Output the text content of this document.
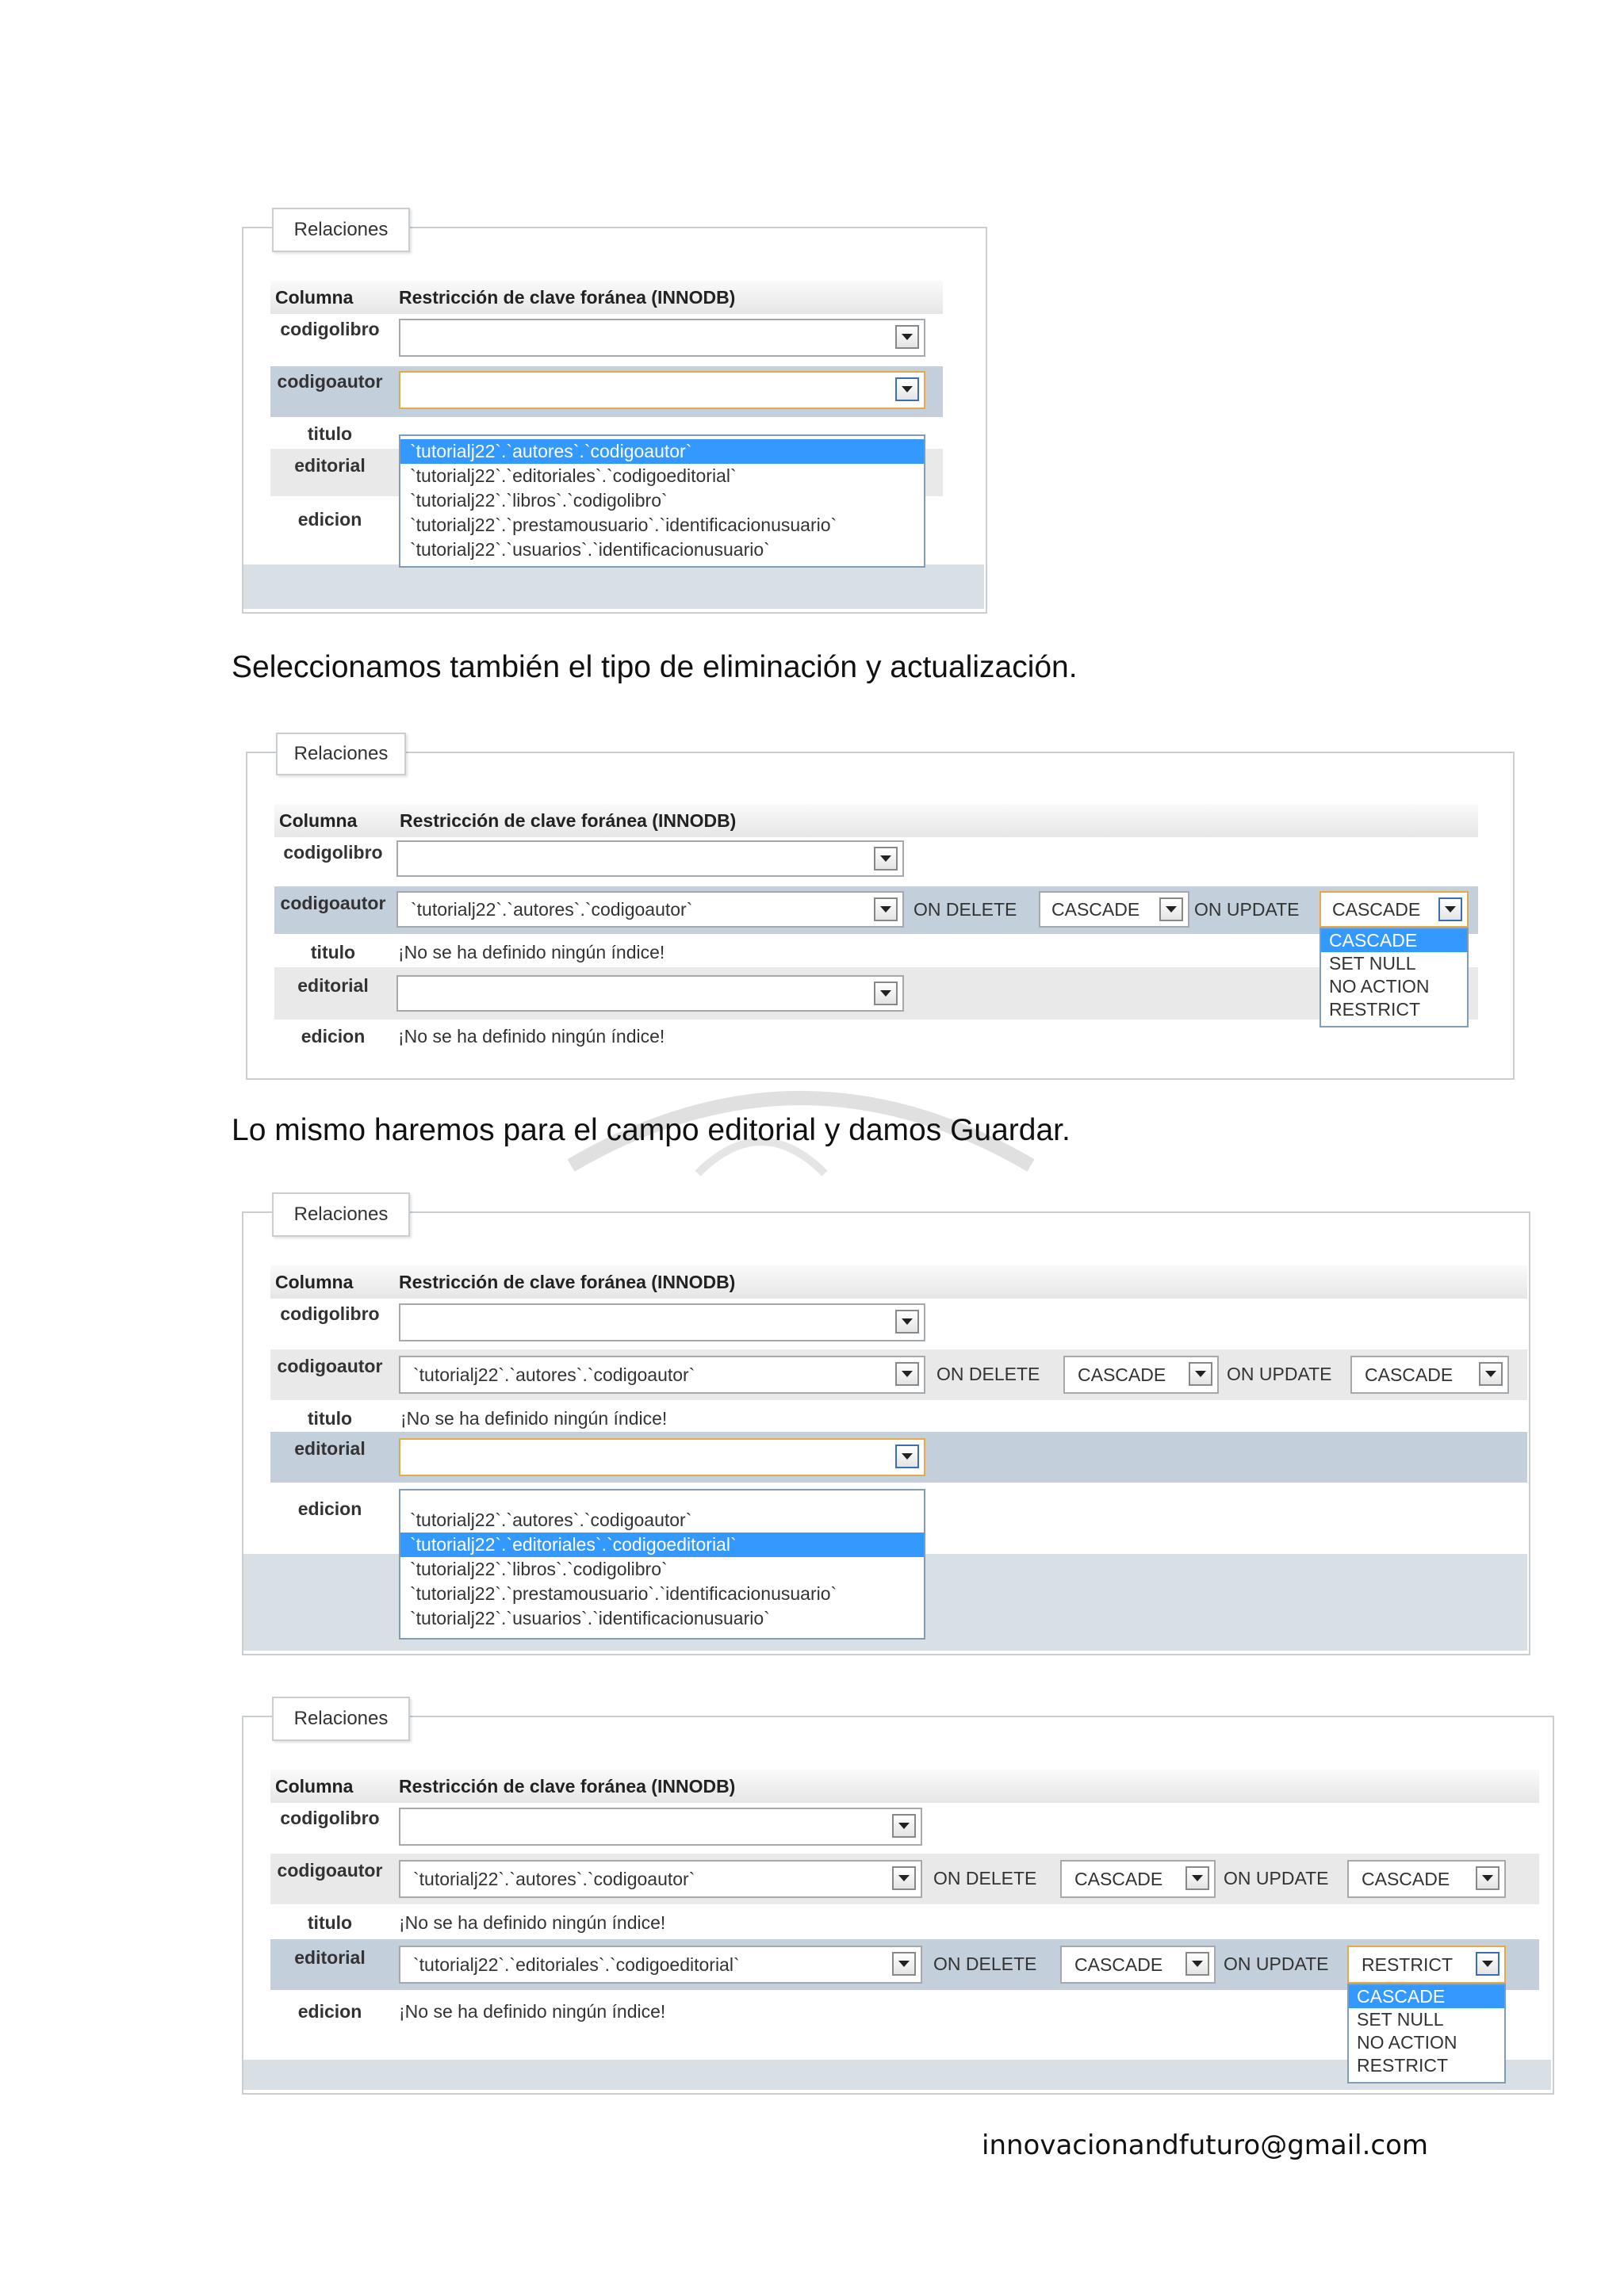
Relaciones
Columna	Restricción de clave foránea (INNODB)
codigolibro
codigoautor
titulo
editorial
edicion
`tutorialj22`.`autores`.`codigoautor`
`tutorialj22`.`editoriales`.`codigoeditorial`
`tutorialj22`.`libros`.`codigolibro`
`tutorialj22`.`prestamousuario`.`identificacionusuario`
`tutorialj22`.`usuarios`.`identificacionusuario`
Seleccionamos también el tipo de eliminación y actualización.
Relaciones
Columna	Restricción de clave foránea (INNODB)
codigolibro
codigoautor	`tutorialj22`.`autores`.`codigoautor`	ON DELETE CASCADE	ON UPDATE CASCADE
titulo	¡No se ha definido ningún índice!
editorial
edicion	¡No se ha definido ningún índice!
CASCADE
SET NULL
NO ACTION
RESTRICT
Lo mismo haremos para el campo editorial y damos Guardar.
Relaciones
Columna	Restricción de clave foránea (INNODB)
codigolibro
codigoautor	`tutorialj22`.`autores`.`codigoautor`	ON DELETE CASCADE	ON UPDATE CASCADE
titulo	¡No se ha definido ningún índice!
editorial
edicion
`tutorialj22`.`autores`.`codigoautor`
`tutorialj22`.`editoriales`.`codigoeditorial`
`tutorialj22`.`libros`.`codigolibro`
`tutorialj22`.`prestamousuario`.`identificacionusuario`
`tutorialj22`.`usuarios`.`identificacionusuario`
Relaciones
Columna	Restricción de clave foránea (INNODB)
codigolibro
codigoautor	`tutorialj22`.`autores`.`codigoautor`	ON DELETE CASCADE	ON UPDATE CASCADE
titulo	¡No se ha definido ningún índice!
editorial	`tutorialj22`.`editoriales`.`codigoeditorial`	ON DELETE CASCADE	ON UPDATE RESTRICT
edicion	¡No se ha definido ningún índice!
CASCADE
SET NULL
NO ACTION
RESTRICT
innovacionandfuturo@gmail.com
